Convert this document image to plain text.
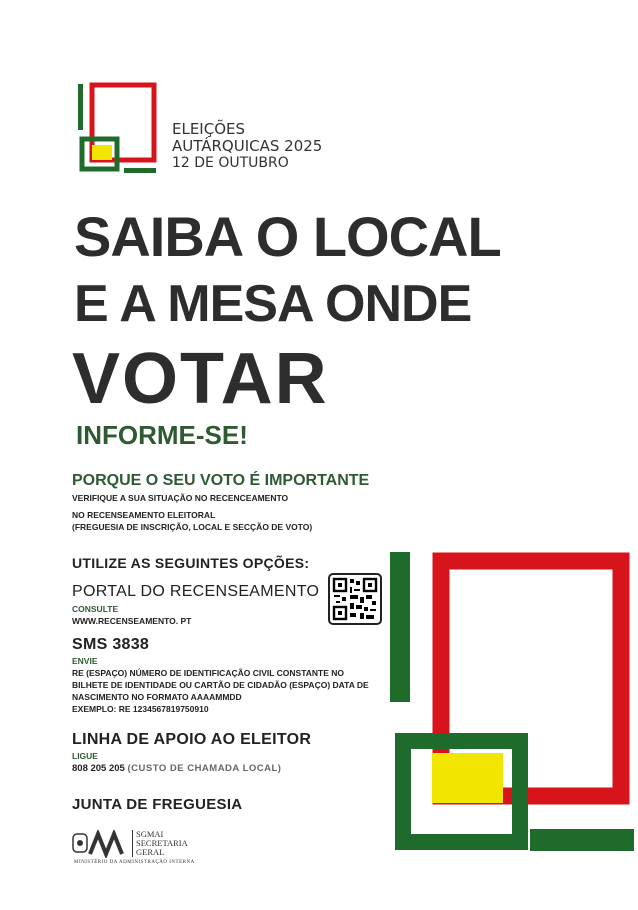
ELEIÇÕES
AUTÁRQUICAS 2025
12 DE OUTUBRO
SAIBA O LOCAL
E A MESA ONDE
VOTAR
INFORME-SE!
PORQUE O SEU VOTO É IMPORTANTE
VERIFIQUE A SUA SITUAÇÃO NO RECENCEAMENTO
NO RECENSEAMENTO ELEITORAL
(FREGUESIA DE INSCRIÇÃO, LOCAL E SECÇÃO DE VOTO)
UTILIZE AS SEGUINTES OPÇÕES:
PORTAL DO RECENSEAMENTO
CONSULTE
WWW.RECENSEAMENTO. PT
SMS 3838
ENVIE
RE (ESPAÇO) NÚMERO DE IDENTIFICAÇÃO CIVIL CONSTANTE NO
BILHETE DE IDENTIDADE OU CARTÃO DE CIDADÃO (ESPAÇO) DATA DE
NASCIMENTO NO FORMATO AAAAMMDD
EXEMPLO: RE 1234567819750910
LINHA DE APOIO AO ELEITOR
LIGUE
808 205 205 (CUSTO DE CHAMADA LOCAL)
JUNTA DE FREGUESIA
SGMAI
SECRETARIA
GERAL
MINISTÉRIO DA ADMINISTRAÇÃO INTERNA
